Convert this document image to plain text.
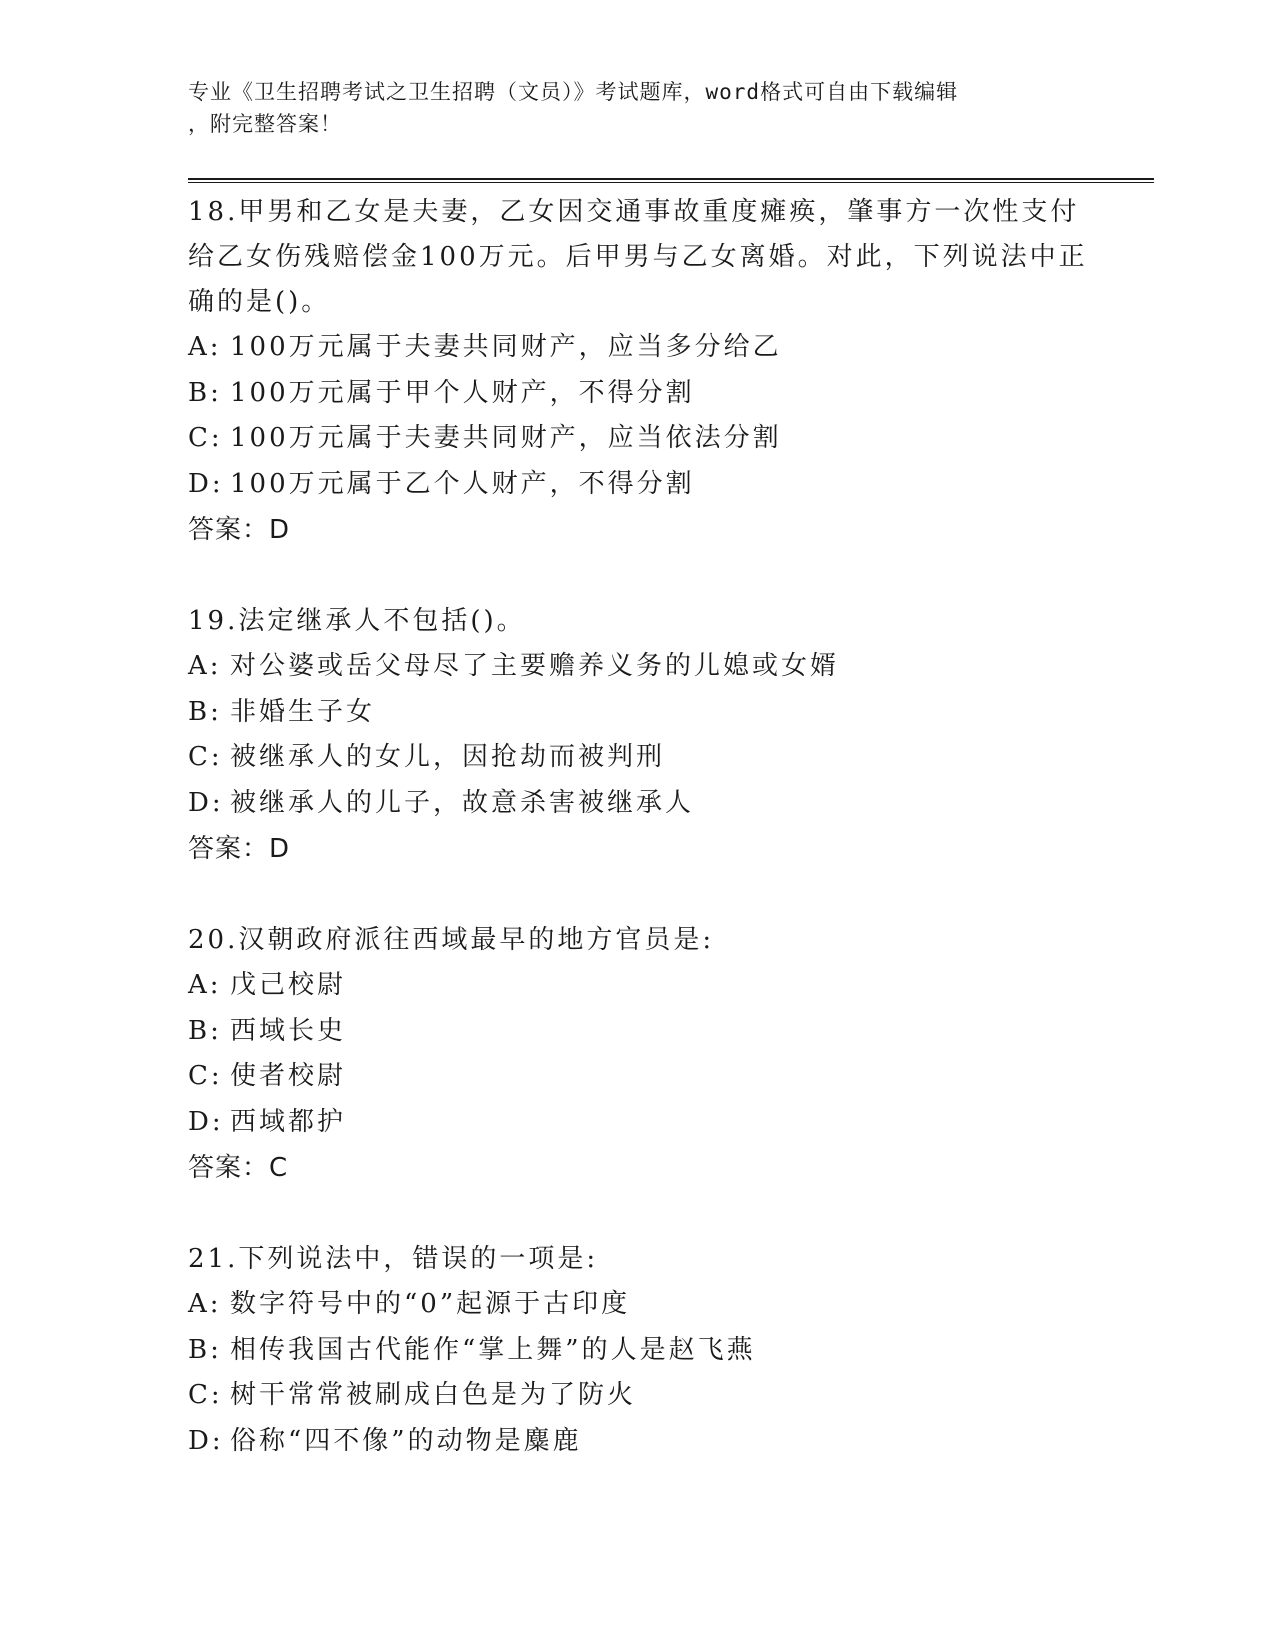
专业《卫生招聘考试之卫生招聘（文员）》考试题库，word格式可自由下载编辑
，附完整答案！
18.甲男和乙女是夫妻，乙女因交通事故重度瘫痪，肇事方一次性支付给乙女伤残赔偿金100万元。后甲男与乙女离婚。对此，下列说法中正确的是()。
A: 100万元属于夫妻共同财产，应当多分给乙
B: 100万元属于甲个人财产，不得分割
C: 100万元属于夫妻共同财产，应当依法分割
D: 100万元属于乙个人财产，不得分割
答案：D
19.法定继承人不包括()。
A: 对公婆或岳父母尽了主要赡养义务的儿媳或女婿
B: 非婚生子女
C: 被继承人的女儿，因抢劫而被判刑
D: 被继承人的儿子，故意杀害被继承人
答案：D
20.汉朝政府派往西域最早的地方官员是:
A: 戊己校尉
B: 西域长史
C: 使者校尉
D: 西域都护
答案：C
21.下列说法中，错误的一项是:
A: 数字符号中的“0”起源于古印度
B: 相传我国古代能作“掌上舞”的人是赵飞燕
C: 树干常常被刷成白色是为了防火
D: 俗称“四不像”的动物是麋鹿
